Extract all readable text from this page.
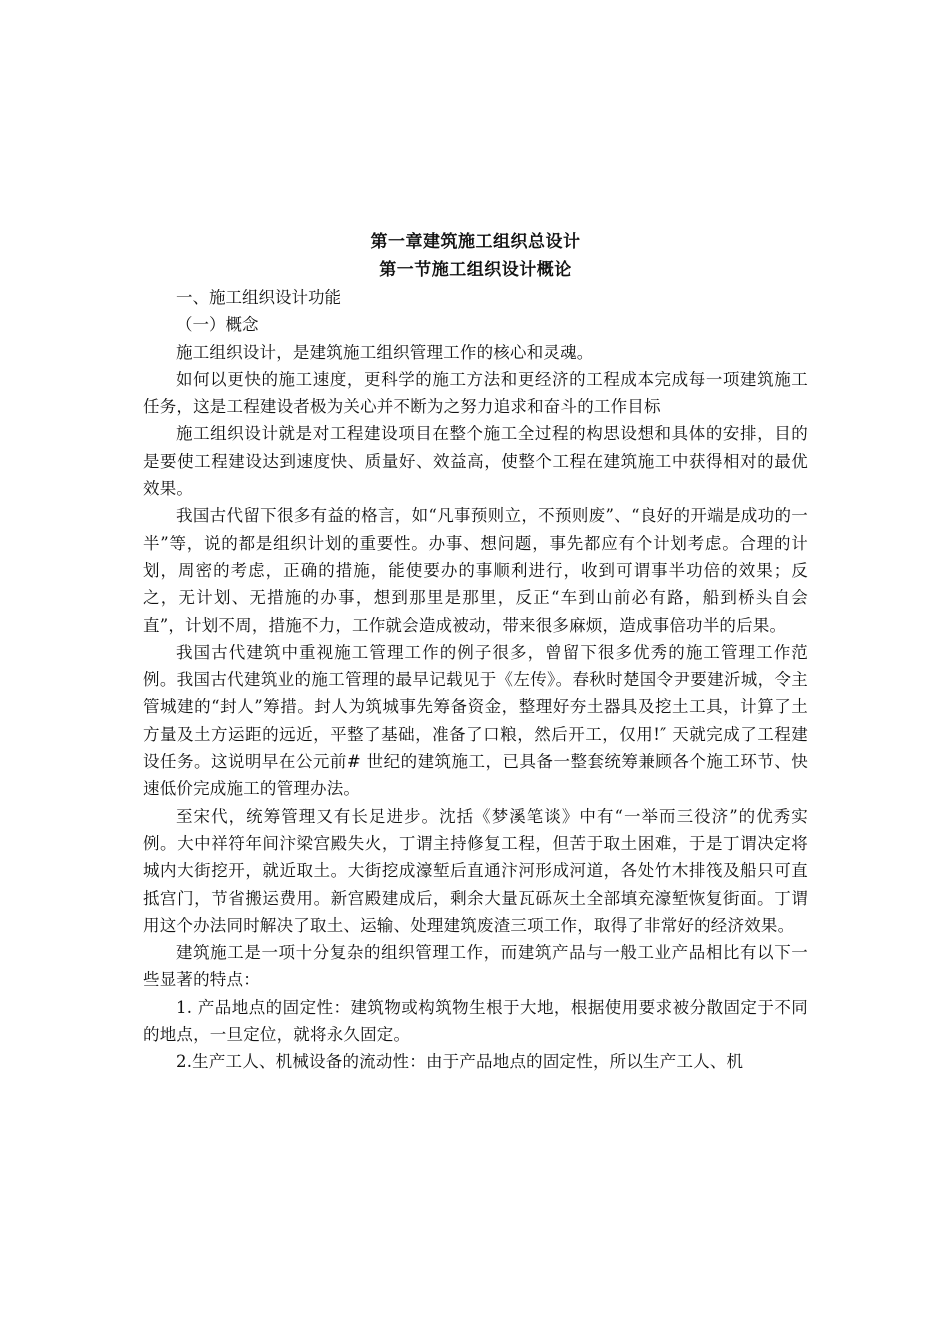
第一章建筑施工组织总设计
第一节施工组织设计概论

一、施工组织设计功能

（一）概念

施工组织设计，是建筑施工组织管理工作的核心和灵魂。

如何以更快的施工速度，更科学的施工方法和更经济的工程成本完成每一项建筑施工任务，这是工程建设者极为关心并不断为之努力追求和奋斗的工作目标

施工组织设计就是对工程建设项目在整个施工全过程的构思设想和具体的安排，目的是要使工程建设达到速度快、质量好、效益高，使整个工程在建筑施工中获得相对的最优效果。

我国古代留下很多有益的格言，如“凡事预则立，不预则废”、“良好的开端是成功的一半”等，说的都是组织计划的重要性。办事、想问题，事先都应有个计划考虑。合理的计划，周密的考虑，正确的措施，能使要办的事顺利进行，收到可谓事半功倍的效果；反之，无计划、无措施的办事，想到那里是那里，反正“车到山前必有路，船到桥头自会直”，计划不周，措施不力，工作就会造成被动，带来很多麻烦，造成事倍功半的后果。

我国古代建筑中重视施工管理工作的例子很多，曾留下很多优秀的施工管理工作范例。我国古代建筑业的施工管理的最早记载见于《左传》。春秋时楚国令尹要建沂城，令主管城建的“封人”筹措。封人为筑城事先筹备资金，整理好夯土器具及挖土工具，计算了土方量及土方运距的远近，平整了基础，准备了口粮，然后开工，仅用!″ 天就完成了工程建设任务。这说明早在公元前# 世纪的建筑施工，已具备一整套统筹兼顾各个施工环节、快速低价完成施工的管理办法。

至宋代，统筹管理又有长足进步。沈括《梦溪笔谈》中有“一举而三役济”的优秀实例。大中祥符年间汴梁宫殿失火，丁谓主持修复工程，但苦于取土困难，于是丁谓决定将城内大街挖开，就近取土。大街挖成濠堑后直通汴河形成河道，各处竹木排筏及船只可直抵宫门，节省搬运费用。新宫殿建成后，剩余大量瓦砾灰土全部填充濠堑恢复街面。丁谓用这个办法同时解决了取土、运输、处理建筑废渣三项工作，取得了非常好的经济效果。

建筑施工是一项十分复杂的组织管理工作，而建筑产品与一般工业产品相比有以下一些显著的特点：

1. 产品地点的固定性：建筑物或构筑物生根于大地，根据使用要求被分散固定于不同的地点，一旦定位，就将永久固定。

2.生产工人、机械设备的流动性：由于产品地点的固定性，所以生产工人、机
